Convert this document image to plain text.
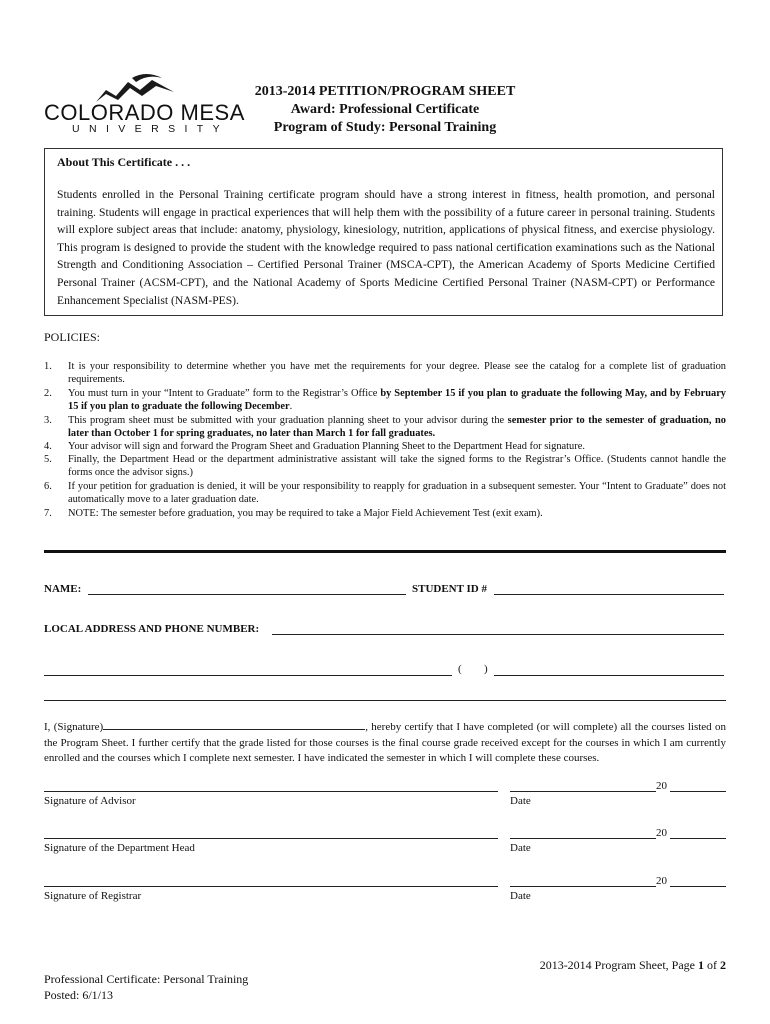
COLORADO MESA
UNIVERSITY
2013-2014 PETITION/PROGRAM SHEET
Award: Professional Certificate
Program of Study: Personal Training
About This Certificate . . .
Students enrolled in the Personal Training certificate program should have a strong interest in fitness, health promotion, and personal training. Students will engage in practical experiences that will help them with the possibility of a future career in personal training. Students will explore subject areas that include: anatomy, physiology, kinesiology, nutrition, applications of physical fitness, and exercise physiology. This program is designed to provide the student with the knowledge required to pass national certification examinations such as the National Strength and Conditioning Association – Certified Personal Trainer (MSCA-CPT), the American Academy of Sports Medicine Certified Personal Trainer (ACSM-CPT), and the National Academy of Sports Medicine Certified Personal Trainer (NASM-CPT) or Performance Enhancement Specialist (NASM-PES).
POLICIES:
1.	It is your responsibility to determine whether you have met the requirements for your degree. Please see the catalog for a complete list of graduation requirements.
2.	You must turn in your “Intent to Graduate” form to the Registrar’s Office by September 15 if you plan to graduate the following May, and by February 15 if you plan to graduate the following December.
3.	This program sheet must be submitted with your graduation planning sheet to your advisor during the semester prior to the semester of graduation, no later than October 1 for spring graduates, no later than March 1 for fall graduates.
4.	Your advisor will sign and forward the Program Sheet and Graduation Planning Sheet to the Department Head for signature.
5.	Finally, the Department Head or the department administrative assistant will take the signed forms to the Registrar’s Office. (Students cannot handle the forms once the advisor signs.)
6.	If your petition for graduation is denied, it will be your responsibility to reapply for graduation in a subsequent semester. Your “Intent to Graduate” does not automatically move to a later graduation date.
7.	NOTE: The semester before graduation, you may be required to take a Major Field Achievement Test (exit exam).
NAME:	STUDENT ID #
LOCAL ADDRESS AND PHONE NUMBER:
( )
I, (Signature)	, hereby certify that I have completed (or will complete) all the courses listed on the Program Sheet. I further certify that the grade listed for those courses is the final course grade received except for the courses in which I am currently enrolled and the courses which I complete next semester. I have indicated the semester in which I will complete these courses.
Signature of Advisor
20
Date
Signature of the Department Head
20
Date
Signature of Registrar
20
Date
Professional Certificate: Personal Training
Posted: 6/1/13
2013-2014 Program Sheet, Page 1 of 2
